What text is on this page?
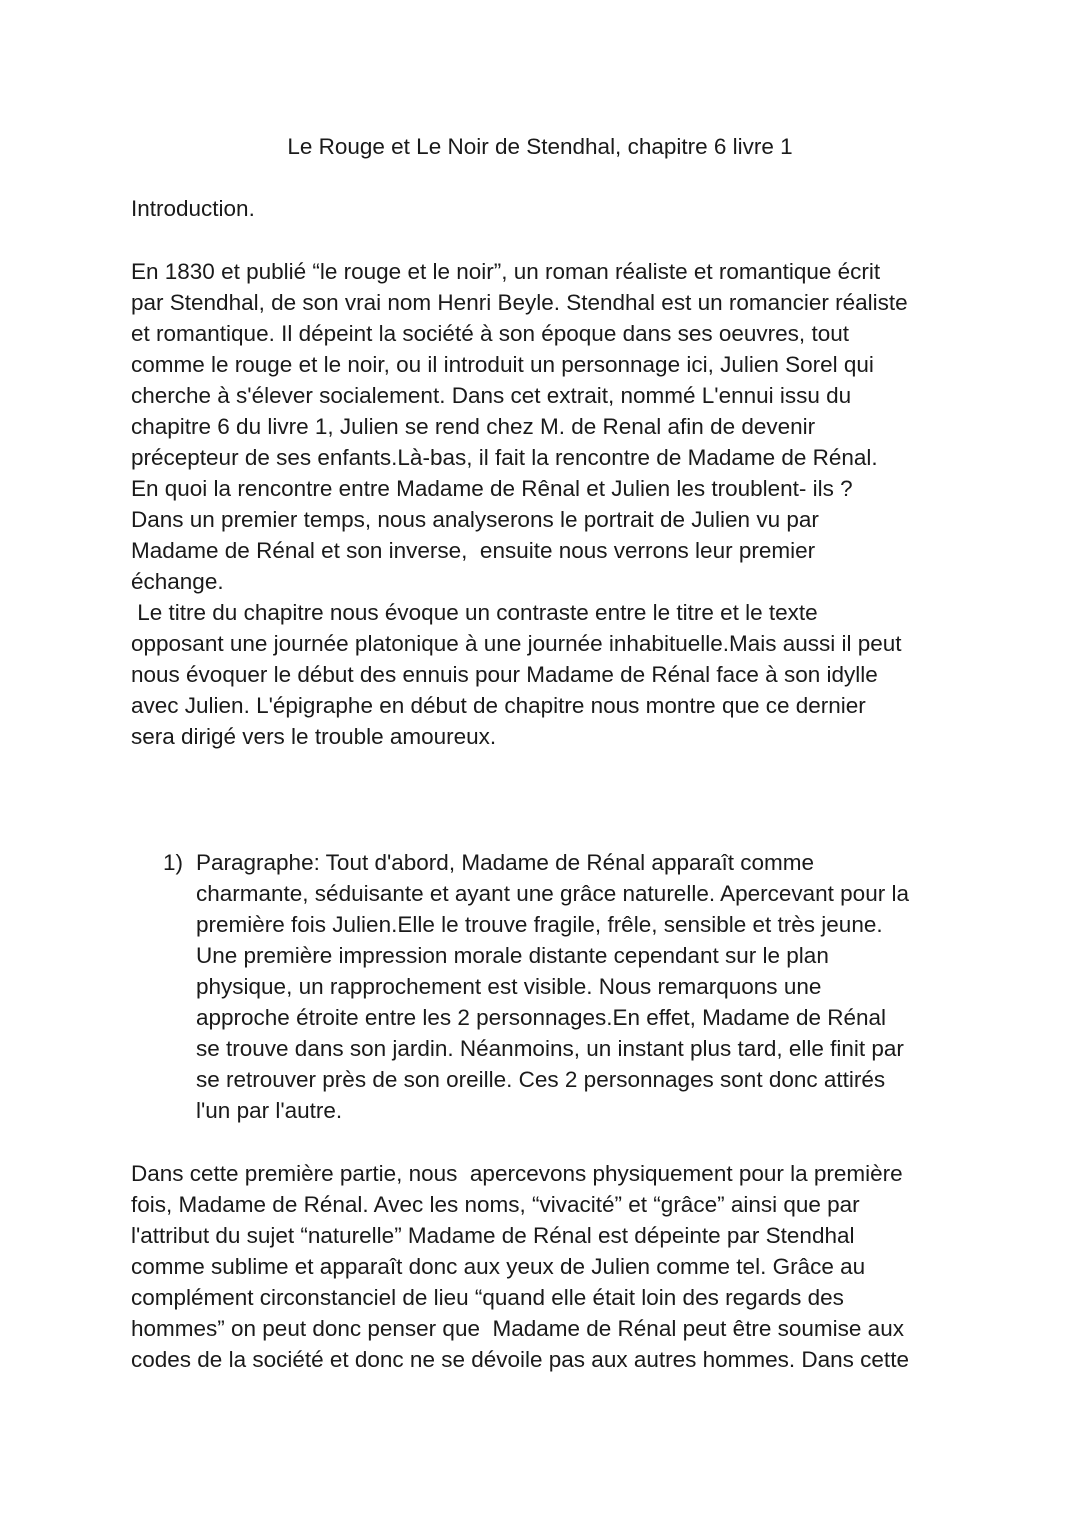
Le Rouge et Le Noir de Stendhal, chapitre 6 livre 1

Introduction.

En 1830 et publié “le rouge et le noir”, un roman réaliste et romantique écrit

par Stendhal, de son vrai nom Henri Beyle. Stendhal est un romancier réaliste

et romantique. Il dépeint la société à son époque dans ses oeuvres, tout

comme le rouge et le noir, ou il introduit un personnage ici, Julien Sorel qui

cherche à s'élever socialement. Dans cet extrait, nommé L'ennui issu du

chapitre 6 du livre 1, Julien se rend chez M. de Renal afin de devenir

précepteur de ses enfants.Là-bas, il fait la rencontre de Madame de Rénal.

En quoi la rencontre entre Madame de Rênal et Julien les troublent- ils ?

Dans un premier temps, nous analyserons le portrait de Julien vu par

Madame de Rénal et son inverse,  ensuite nous verrons leur premier

échange.

Le titre du chapitre nous évoque un contraste entre le titre et le texte

opposant une journée platonique à une journée inhabituelle.Mais aussi il peut

nous évoquer le début des ennuis pour Madame de Rénal face à son idylle

avec Julien. L'épigraphe en début de chapitre nous montre que ce dernier

sera dirigé vers le trouble amoureux.

1) Paragraphe: Tout d'abord, Madame de Rénal apparaît comme

charmante, séduisante et ayant une grâce naturelle. Apercevant pour la

première fois Julien.Elle le trouve fragile, frêle, sensible et très jeune.

Une première impression morale distante cependant sur le plan

physique, un rapprochement est visible. Nous remarquons une

approche étroite entre les 2 personnages.En effet, Madame de Rénal

se trouve dans son jardin. Néanmoins, un instant plus tard, elle finit par

se retrouver près de son oreille. Ces 2 personnages sont donc attirés

l'un par l'autre.

Dans cette première partie, nous  apercevons physiquement pour la première

fois, Madame de Rénal. Avec les noms, “vivacité” et “grâce” ainsi que par

l'attribut du sujet “naturelle” Madame de Rénal est dépeinte par Stendhal

comme sublime et apparaît donc aux yeux de Julien comme tel. Grâce au

complément circonstanciel de lieu “quand elle était loin des regards des

hommes” on peut donc penser que  Madame de Rénal peut être soumise aux

codes de la société et donc ne se dévoile pas aux autres hommes. Dans cette
